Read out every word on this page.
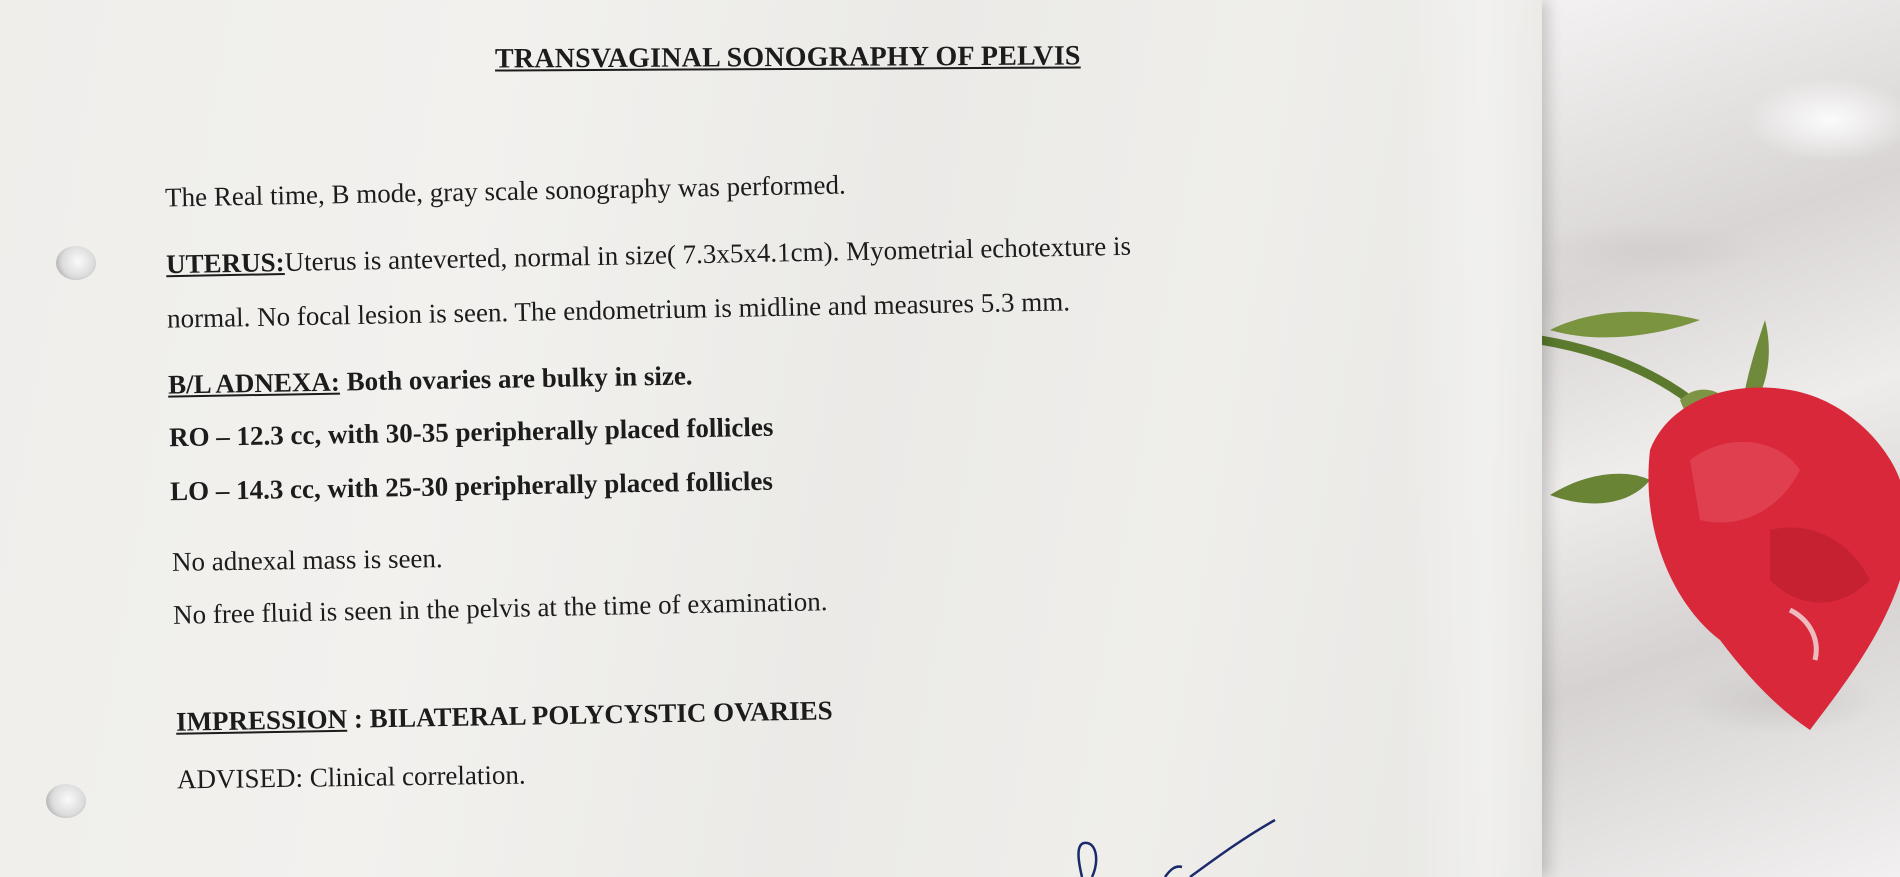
TRANSVAGINAL SONOGRAPHY OF PELVIS
The Real time, B mode, gray scale sonography was performed.
UTERUS:Uterus is anteverted, normal in size( 7.3x5x4.1cm). Myometrial echotexture is
normal. No focal lesion is seen. The endometrium is midline and measures 5.3 mm.
B/L ADNEXA: Both ovaries are bulky in size.
RO – 12.3 cc, with 30-35 peripherally placed follicles
LO – 14.3 cc, with 25-30 peripherally placed follicles
No adnexal mass is seen.
No free fluid is seen in the pelvis at the time of examination.
IMPRESSION : BILATERAL POLYCYSTIC OVARIES
ADVISED: Clinical correlation.
